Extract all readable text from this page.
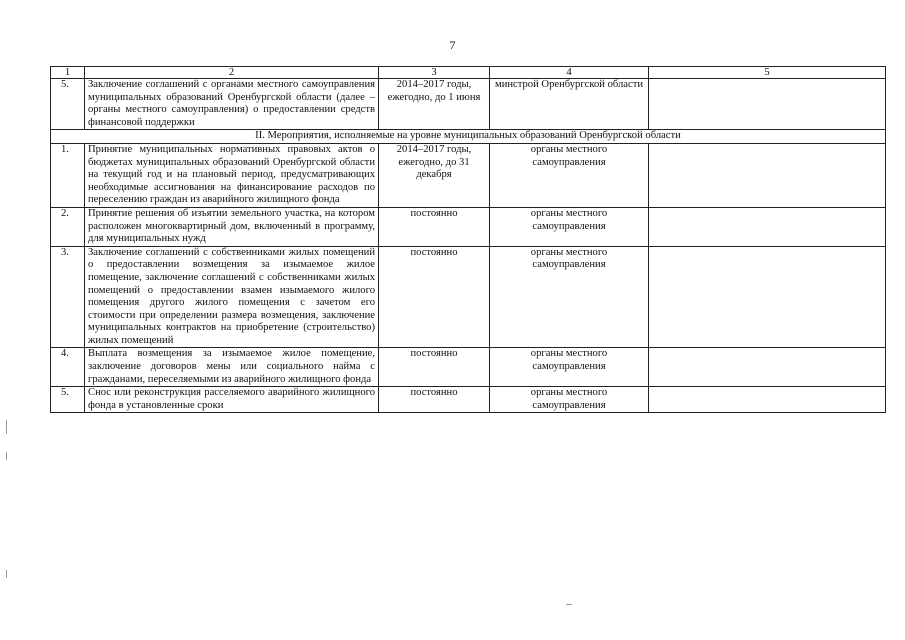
7
1	2	3	4	5
5.	Заключение соглашений с органами местного самоуправления муниципальных образований Оренбургской области (далее – органы местного самоуправления) о предоставлении средств финансовой поддержки	2014–2017 годы, ежегодно, до 1 июня	минстрой Оренбургской области	
II. Мероприятия, исполняемые на уровне муниципальных образований Оренбургской области				
1.	Принятие муниципальных нормативных правовых актов о бюджетах муниципальных образований Оренбургской области на текущий год и на плановый период, предусматривающих необходимые ассигнования на финансирование расходов по переселению граждан из аварийного жилищного фонда	2014–2017 годы, ежегодно, до 31 декабря	органы местного самоуправления	
2.	Принятие решения об изъятии земельного участка, на котором расположен многоквартирный дом, включенный в программу, для муниципальных нужд	постоянно	органы местного самоуправления	
3.	Заключение соглашений с собственниками жилых помещений о предоставлении возмещения за изымаемое жилое помещение, заключение соглашений с собственниками жилых помещений о предоставлении взамен изымаемого жилого помещения другого жилого помещения с зачетом его стоимости при определении размера возмещения, заключение муниципальных контрактов на приобретение (строительство) жилых помещений	постоянно	органы местного самоуправления	
4.	Выплата возмещения за изымаемое жилое помещение, заключение договоров мены или социального найма с гражданами, переселяемыми из аварийного жилищного фонда	постоянно	органы местного самоуправления	
5.	Снос или реконструкция расселяемого аварийного жилищного фонда в установленные сроки	постоянно	органы местного самоуправления	
